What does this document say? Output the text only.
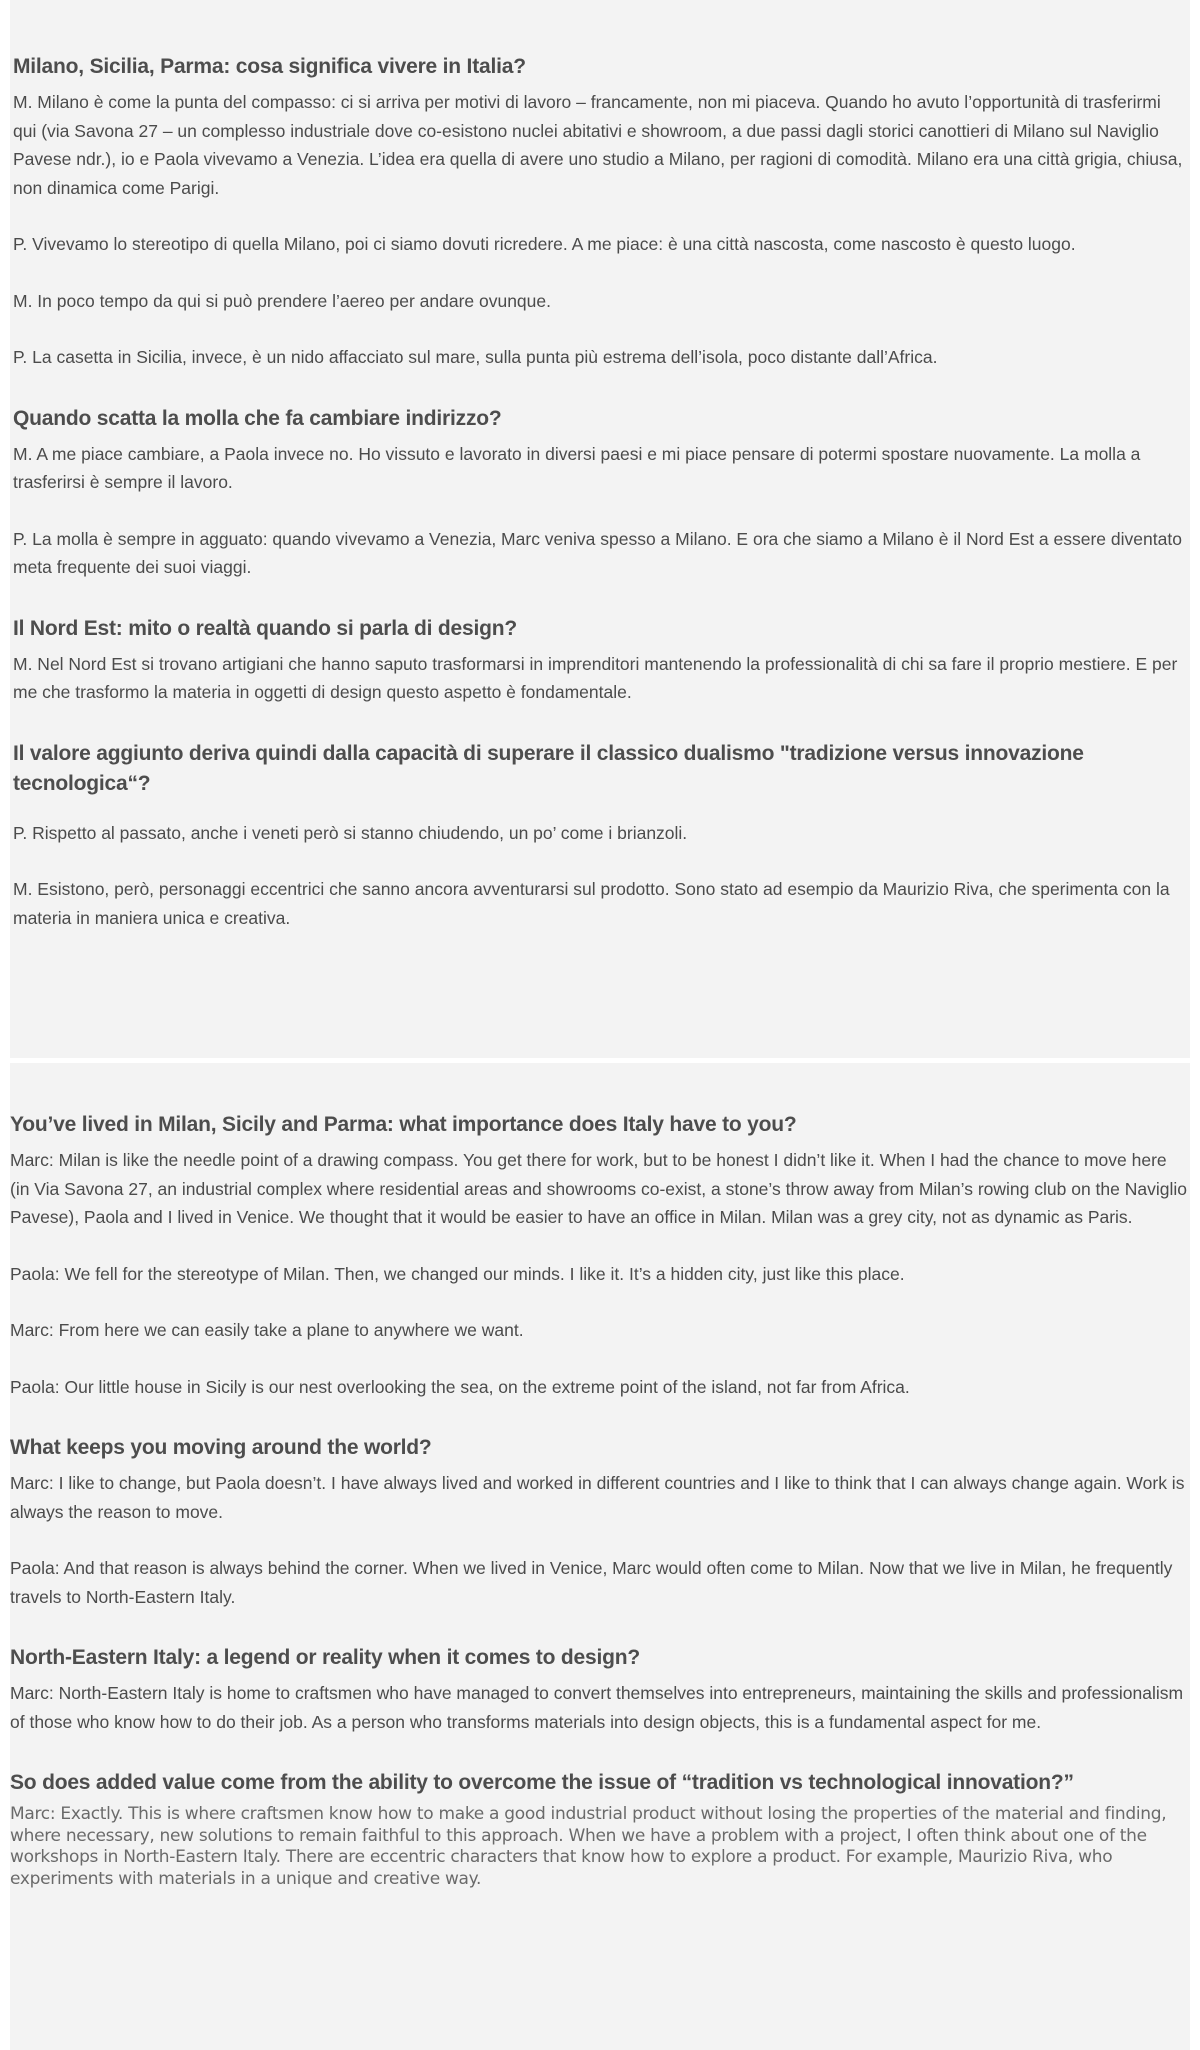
Milano, Sicilia, Parma: cosa significa vivere in Italia?

M. Milano è come la punta del compasso: ci si arriva per motivi di lavoro – francamente, non mi piaceva. Quando ho avuto l’opportunità di trasferirmi qui (via Savona 27 – un complesso industriale dove co-esistono nuclei abitativi e showroom, a due passi dagli storici canottieri di Milano sul Naviglio Pavese ndr.), io e Paola vivevamo a Venezia. L’idea era quella di avere uno studio a Milano, per ragioni di comodità. Milano era una città grigia, chiusa, non dinamica come Parigi.

P. Vivevamo lo stereotipo di quella Milano, poi ci siamo dovuti ricredere. A me piace: è una città nascosta, come nascosto è questo luogo.

M. In poco tempo da qui si può prendere l’aereo per andare ovunque.

P. La casetta in Sicilia, invece, è un nido affacciato sul mare, sulla punta più estrema dell’isola, poco distante dall’Africa.

Quando scatta la molla che fa cambiare indirizzo?

M. A me piace cambiare, a Paola invece no. Ho vissuto e lavorato in diversi paesi e mi piace pensare di potermi spostare nuovamente. La molla a trasferirsi è sempre il lavoro.

P. La molla è sempre in agguato: quando vivevamo a Venezia, Marc veniva spesso a Milano. E ora che siamo a Milano è il Nord Est a essere diventato meta frequente dei suoi viaggi.

Il Nord Est: mito o realtà quando si parla di design?

M. Nel Nord Est si trovano artigiani che hanno saputo trasformarsi in imprenditori mantenendo la professionalità di chi sa fare il proprio mestiere. E per me che trasformo la materia in oggetti di design questo aspetto è fondamentale.

Il valore aggiunto deriva quindi dalla capacità di superare il classico dualismo "tradizione versus innovazione tecnologica“?

P. Rispetto al passato, anche i veneti però si stanno chiudendo, un po’ come i brianzoli.

M. Esistono, però, personaggi eccentrici che sanno ancora avventurarsi sul prodotto. Sono stato ad esempio da Maurizio Riva, che sperimenta con la materia in maniera unica e creativa.

You’ve lived in Milan, Sicily and Parma: what importance does Italy have to you?

Marc: Milan is like the needle point of a drawing compass. You get there for work, but to be honest I didn’t like it. When I had the chance to move here (in Via Savona 27, an industrial complex where residential areas and showrooms co-exist, a stone’s throw away from Milan’s rowing club on the Naviglio Pavese), Paola and I lived in Venice. We thought that it would be easier to have an office in Milan. Milan was a grey city, not as dynamic as Paris.

Paola: We fell for the stereotype of Milan. Then, we changed our minds. I like it. It’s a hidden city, just like this place.

Marc: From here we can easily take a plane to anywhere we want.

Paola: Our little house in Sicily is our nest overlooking the sea, on the extreme point of the island, not far from Africa.

What keeps you moving around the world?

Marc: I like to change, but Paola doesn’t. I have always lived and worked in different countries and I like to think that I can always change again. Work is always the reason to move.

Paola: And that reason is always behind the corner. When we lived in Venice, Marc would often come to Milan. Now that we live in Milan, he frequently travels to North-Eastern Italy.

North-Eastern Italy: a legend or reality when it comes to design?

Marc: North-Eastern Italy is home to craftsmen who have managed to convert themselves into entrepreneurs, maintaining the skills and professionalism of those who know how to do their job. As a person who transforms materials into design objects, this is a fundamental aspect for me.

So does added value come from the ability to overcome the issue of “tradition vs technological innovation?”

Marc: Exactly. This is where craftsmen know how to make a good industrial product without losing the properties of the material and finding, where necessary, new solutions to remain faithful to this approach. When we have a problem with a project, I often think about one of the workshops in North-Eastern Italy. There are eccentric characters that know how to explore a product. For example, Maurizio Riva, who experiments with materials in a unique and creative way.
